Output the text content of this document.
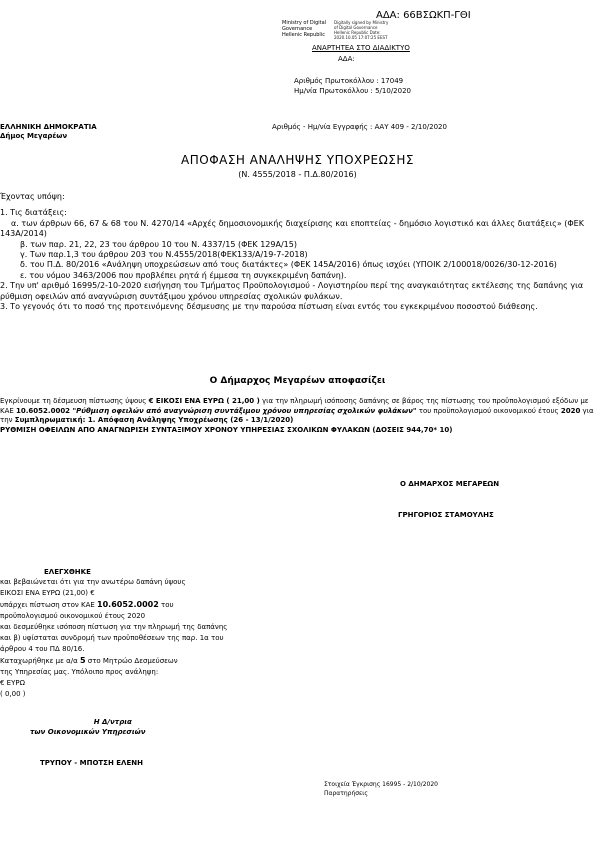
ΑΔΑ: 66ΒΣΩΚΠ-ΓΘΙ
Ministry of Digital
Governance
Hellenic Republic
Digitally signed by Ministry of Digital Governance Hellenic Republic Date: 2020.10.05 17:07:25 EEST
ΑΝΑΡΤΗΤΕΑ ΣΤΟ ΔΙΑΔΙΚΤΥΟ
ΑΔΑ:
Αριθμός Πρωτοκόλλου : 17049
Ημ/νία Πρωτοκόλλου : 5/10/2020
ΕΛΛΗΝΙΚΗ ΔΗΜΟΚΡΑΤΙΑ
Δήμος Μεγαρέων
Αριθμός - Ημ/νία Εγγραφής : ΑΑΥ 409 - 2/10/2020
ΑΠΟΦΑΣΗ ΑΝΑΛΗΨΗΣ ΥΠΟΧΡΕΩΣΗΣ
(Ν. 4555/2018 - Π.Δ.80/2016)

Έχοντας υπόψη:

1. Τις διατάξεις:

α. των άρθρων 66, 67 & 68 του Ν. 4270/14 «Αρχές δημοσιονομικής διαχείρισης και εποπτείας - δημόσιο λογιστικό και άλλες διατάξεις» (ΦΕΚ 143Α/2014)

β. των παρ. 21, 22, 23 του άρθρου 10 του Ν. 4337/15 (ΦΕΚ 129Α/15)

γ. Των παρ.1,3 του άρθρου 203 του Ν.4555/2018(ΦΕΚ133/Α/19-7-2018)

δ. του Π.Δ. 80/2016 «Ανάληψη υποχρεώσεων από τους διατάκτες» (ΦΕΚ 145Α/2016) όπως ισχύει (ΥΠΟΙΚ 2/100018/0026/30-12-2016)

ε. του νόμου 3463/2006 που προβλέπει ρητά ή έμμεσα τη συγκεκριμένη δαπάνη).

2. Την υπ' αριθμό 16995/2-10-2020 εισήγηση του Τμήματος Προϋπολογισμού - Λογιστηρίου περί της αναγκαιότητας εκτέλεσης της δαπάνης για ρύθμιση οφειλών από αναγνώριση συντάξιμου χρόνου υπηρεσίας σχολικών φυλάκων.

3. Το γεγονός ότι το ποσό της προτεινόμενης δέσμευσης με την παρούσα πίστωση είναι εντός του εγκεκριμένου ποσοστού διάθεσης.

Ο Δήμαρχος Μεγαρέων αποφασίζει

Εγκρίνουμε τη δέσμευση πίστωσης ύψους € ΕΙΚΟΣΙ ΕΝΑ ΕΥΡΩ ( 21,00 ) για την πληρωμή ισόποσης δαπάνης σε βάρος της πίστωσης του προϋπολογισμού εξόδων με ΚΑΕ 10.6052.0002 "Ρύθμιση οφειλών από αναγνώριση συντάξιμου χρόνου υπηρεσίας σχολικών φυλάκων" του προϋπολογισμού οικονομικού έτους 2020 για την Συμπληρωματική: 1. Απόφαση Ανάληψης Υποχρέωσης (26 - 13/1/2020)

ΡΥΘΜΙΣΗ ΟΦΕΙΛΩΝ ΑΠΟ ΑΝΑΓΝΩΡΙΣΗ ΣΥΝΤΑΞΙΜΟΥ ΧΡΟΝΟΥ ΥΠΗΡΕΣΙΑΣ ΣΧΟΛΙΚΩΝ ΦΥΛΑΚΩΝ (ΔΟΣΕΙΣ 944,70* 10)

Ο ΔΗΜΑΡΧΟΣ ΜΕΓΑΡΕΩΝ
ΓΡΗΓΟΡΙΟΣ ΣΤΑΜΟΥΛΗΣ
ΕΛΕΓΧΘΗΚΕ

και βεβαιώνεται ότι για την ανωτέρω δαπάνη ύψους

ΕΙΚΟΣΙ ΕΝΑ ΕΥΡΩ (21,00) €

υπάρχει πίστωση στον ΚΑΕ 10.6052.0002 του

προϋπολογισμού οικονομικού έτους 2020

και δεσμεύθηκε ισόποση πίστωση για την πληρωμή της δαπάνης

και β) υφίσταται συνδρομή των προϋποθέσεων της παρ. 1α του

άρθρου 4 του ΠΔ 80/16.

Καταχωρήθηκε με α/α 5 στο Μητρώο Δεσμεύσεων

της Υπηρεσίας μας. Υπόλοιπο προς ανάληψη:

€ ΕΥΡΩ

( 0,00 )

Η Δ/ντρια
των Οικονομικών Υπηρεσιών
ΤΡΥΠΟΥ - ΜΠΟΤΣΗ ΕΛΕΝΗ
Στοιχεία Έγκρισης 16995 - 2/10/2020
Παρατηρήσεις
